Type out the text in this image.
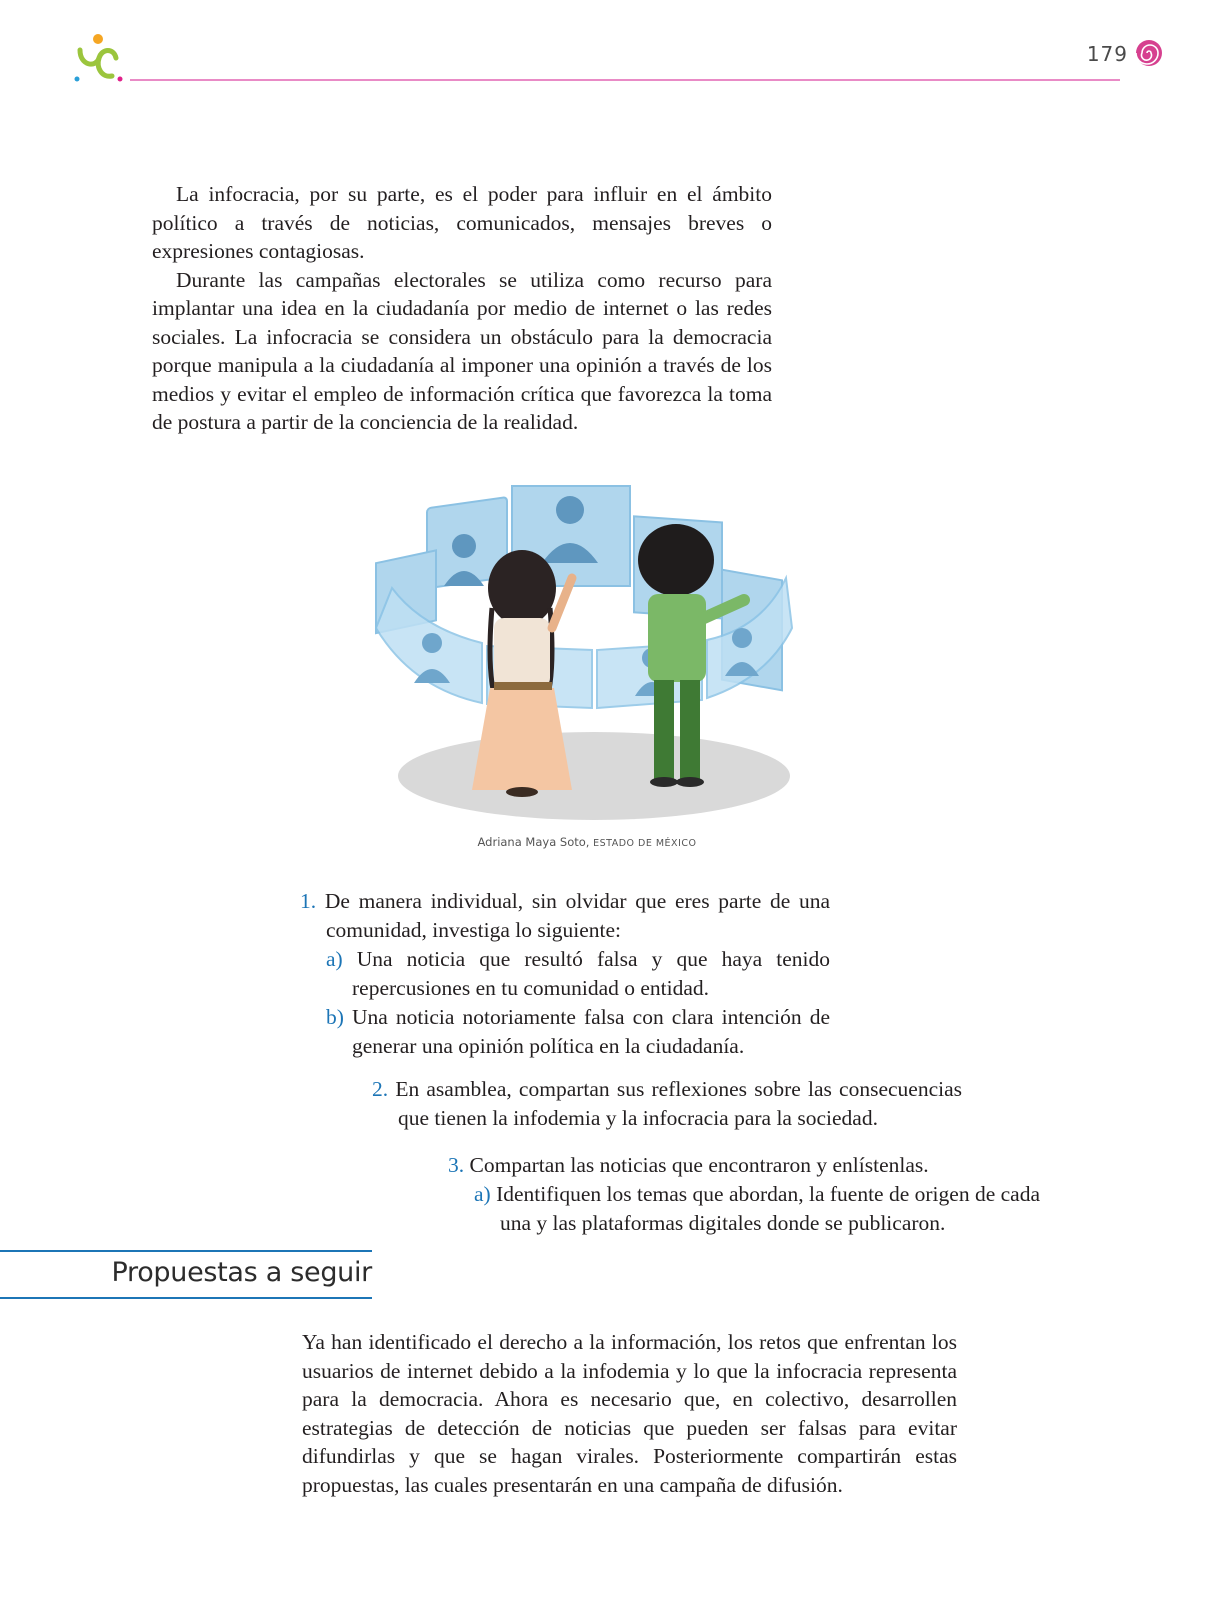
179

La infocracia, por su parte, es el poder para influir en el ámbito político a través de noticias, comunicados, mensajes breves o expresiones contagiosas.

Durante las campañas electorales se utiliza como recurso para implantar una idea en la ciudadanía por medio de internet o las redes sociales. La infocracia se considera un obstáculo para la democracia porque manipula a la ciudadanía al imponer una opinión a través de los medios y evitar el empleo de información crítica que favorezca la toma de postura a partir de la conciencia de la realidad.

Adriana Maya Soto, ESTADO DE MÉXICO

1. De manera individual, sin olvidar que eres parte de una comunidad, investiga lo siguiente:

a) Una noticia que resultó falsa y que haya tenido repercusiones en tu comunidad o entidad.

b) Una noticia notoriamente falsa con clara intención de generar una opinión política en la ciudadanía.

2. En asamblea, compartan sus reflexiones sobre las consecuencias que tienen la infodemia y la infocracia para la sociedad.

3. Compartan las noticias que encontraron y enlístenlas.

a) Identifiquen los temas que abordan, la fuente de origen de cada una y las plataformas digitales donde se publicaron.

Propuestas a seguir

Ya han identificado el derecho a la información, los retos que enfrentan los usuarios de internet debido a la infodemia y lo que la infocracia representa para la democracia. Ahora es necesario que, en colectivo, desarrollen estrategias de detección de noticias que pueden ser falsas para evitar difundirlas y que se hagan virales. Posteriormente compartirán estas propuestas, las cuales presentarán en una campaña de difusión.
